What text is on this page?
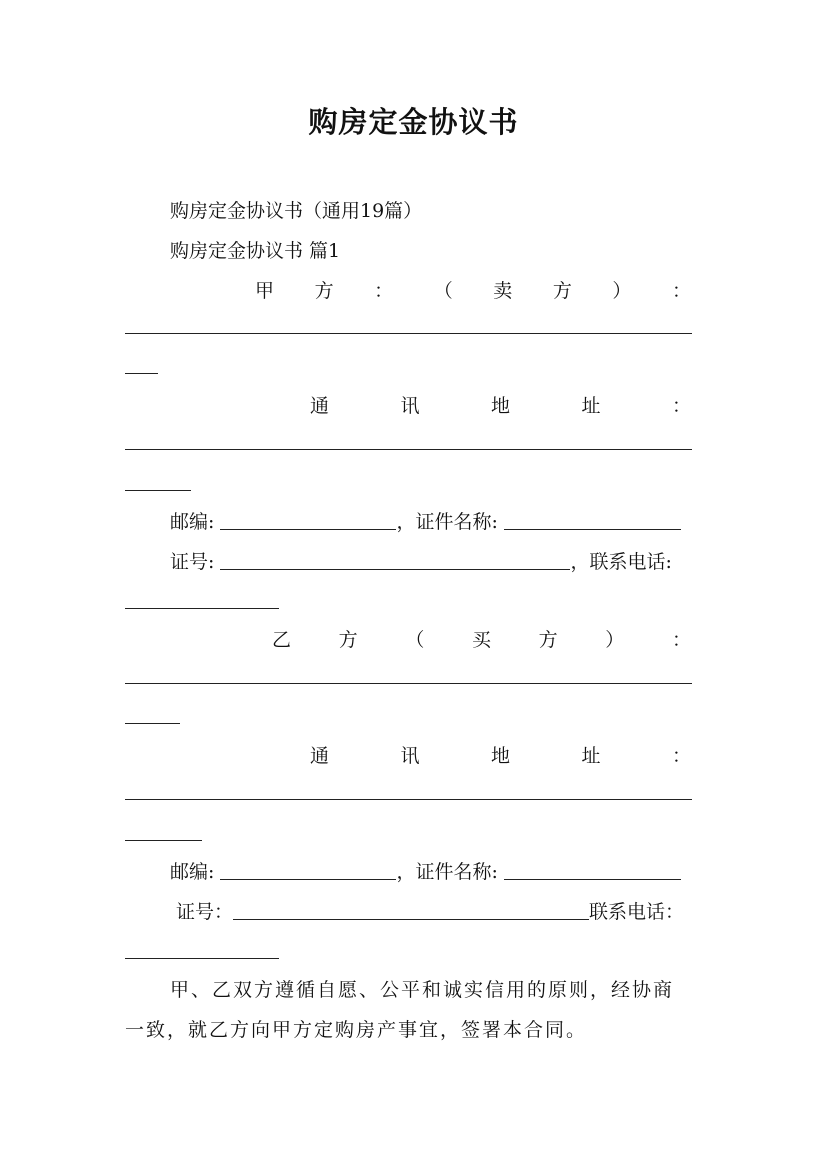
购房定金协议书
购房定金协议书（通用19篇）
购房定金协议书 篇1
甲 方 ： （ 卖 方 ） ：
通	讯	地	址	：
邮编:	，证件名称:
证号:	，联系电话:
乙	方	（	买	方	）	：
通	讯	地	址	：
邮编:	，证件名称:
证号：	联系电话：
甲、乙双方遵循自愿、公平和诚实信用的原则，经协商
一致，就乙方向甲方定购房产事宜，签署本合同。
